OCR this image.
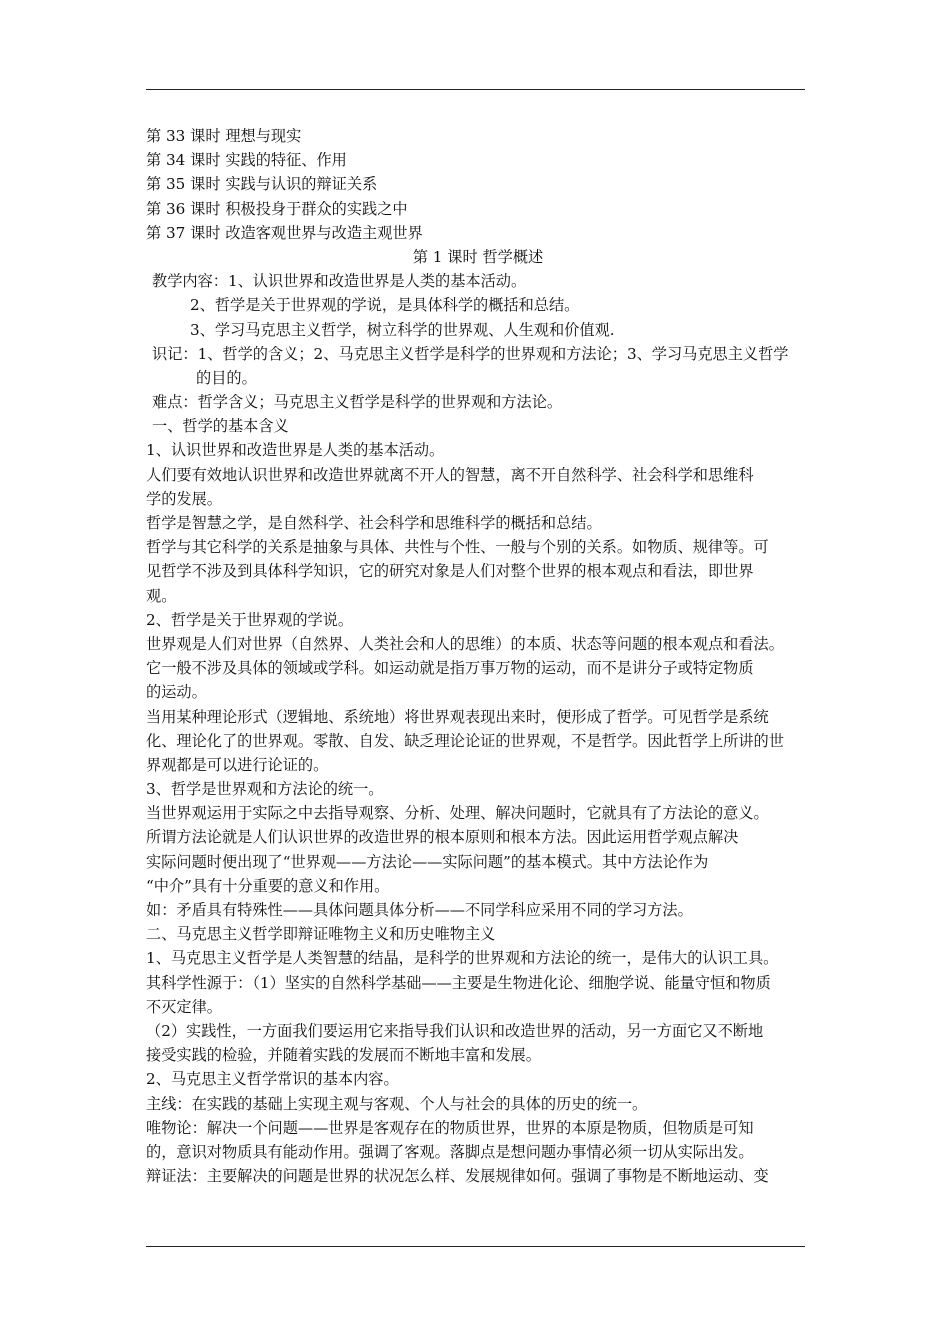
第 33 课时 理想与现实
第 34 课时 实践的特征、作用
第 35 课时 实践与认识的辩证关系
第 36 课时 积极投身于群众的实践之中
第 37 课时 改造客观世界与改造主观世界
第 1 课时 哲学概述
教学内容：1、认识世界和改造世界是人类的基本活动。
2、哲学是关于世界观的学说，是具体科学的概括和总结。
3、学习马克思主义哲学，树立科学的世界观、人生观和价值观.
识记：1、哲学的含义；2、马克思主义哲学是科学的世界观和方法论；3、学习马克思主义哲学
的目的。
难点：哲学含义；马克思主义哲学是科学的世界观和方法论。
一、哲学的基本含义
1、认识世界和改造世界是人类的基本活动。
人们要有效地认识世界和改造世界就离不开人的智慧，离不开自然科学、社会科学和思维科
学的发展。
哲学是智慧之学，是自然科学、社会科学和思维科学的概括和总结。
哲学与其它科学的关系是抽象与具体、共性与个性、一般与个别的关系。如物质、规律等。可
见哲学不涉及到具体科学知识，它的研究对象是人们对整个世界的根本观点和看法，即世界
观。
2、哲学是关于世界观的学说。
世界观是人们对世界（自然界、人类社会和人的思维）的本质、状态等问题的根本观点和看法。
它一般不涉及具体的领域或学科。如运动就是指万事万物的运动，而不是讲分子或特定物质
的运动。
当用某种理论形式（逻辑地、系统地）将世界观表现出来时，便形成了哲学。可见哲学是系统
化、理论化了的世界观。零散、自发、缺乏理论论证的世界观，不是哲学。因此哲学上所讲的世
界观都是可以进行论证的。
3、哲学是世界观和方法论的统一。
当世界观运用于实际之中去指导观察、分析、处理、解决问题时，它就具有了方法论的意义。
所谓方法论就是人们认识世界的改造世界的根本原则和根本方法。因此运用哲学观点解决
实际问题时便出现了“世界观——方法论——实际问题”的基本模式。其中方法论作为
“中介”具有十分重要的意义和作用。
如：矛盾具有特殊性——具体问题具体分析——不同学科应采用不同的学习方法。
二、马克思主义哲学即辩证唯物主义和历史唯物主义
1、马克思主义哲学是人类智慧的结晶，是科学的世界观和方法论的统一，是伟大的认识工具。
其科学性源于：（1）坚实的自然科学基础——主要是生物进化论、细胞学说、能量守恒和物质
不灭定律。
（2）实践性，一方面我们要运用它来指导我们认识和改造世界的活动，另一方面它又不断地
接受实践的检验，并随着实践的发展而不断地丰富和发展。
2、马克思主义哲学常识的基本内容。
主线：在实践的基础上实现主观与客观、个人与社会的具体的历史的统一。
唯物论：解决一个问题——世界是客观存在的物质世界，世界的本原是物质，但物质是可知
的，意识对物质具有能动作用。强调了客观。落脚点是想问题办事情必须一切从实际出发。
辩证法：主要解决的问题是世界的状况怎么样、发展规律如何。强调了事物是不断地运动、变
